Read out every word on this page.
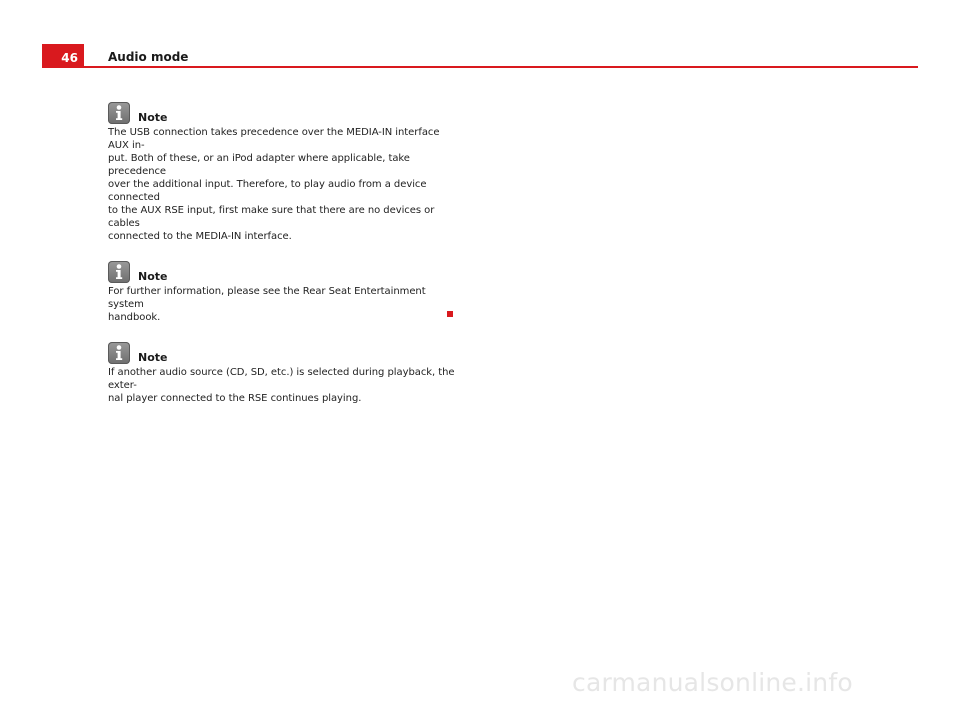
46	Audio mode
Note
The USB connection takes precedence over the MEDIA-IN interface AUX in-
put. Both of these, or an iPod adapter where applicable, take precedence
over the additional input. Therefore, to play audio from a device connected
to the AUX RSE input, first make sure that there are no devices or cables
connected to the MEDIA-IN interface.
Note
For further information, please see the Rear Seat Entertainment system
handbook.
Note
If another audio source (CD, SD, etc.) is selected during playback, the exter-
nal player connected to the RSE continues playing.
carmanualsonline.info
